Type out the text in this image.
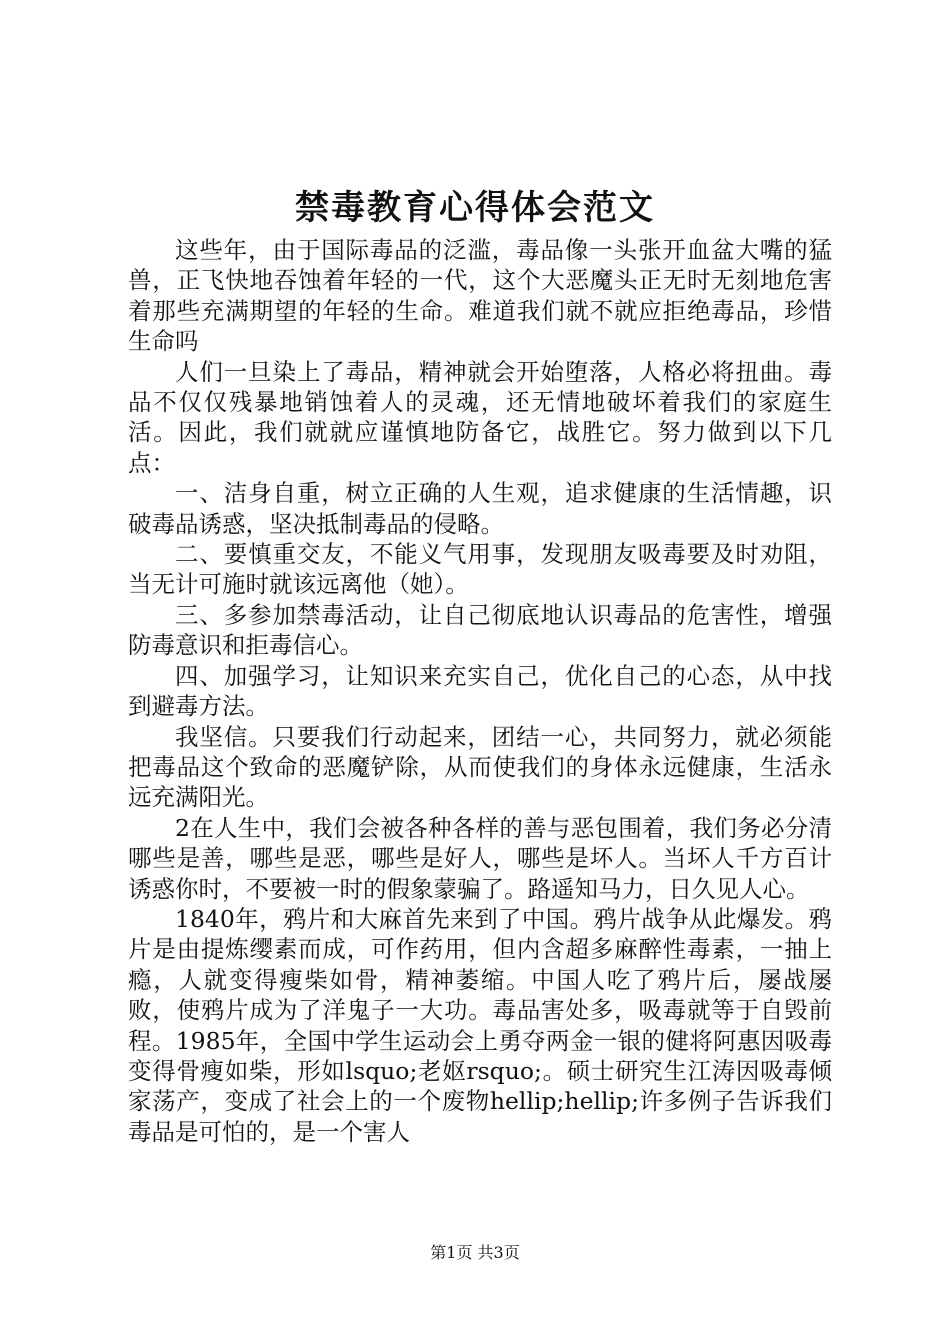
禁毒教育心得体会范文

这些年，由于国际毒品的泛滥，毒品像一头张开血盆大嘴的猛兽，正飞快地吞蚀着年轻的一代，这个大恶魔头正无时无刻地危害着那些充满期望的年轻的生命。难道我们就不就应拒绝毒品，珍惜生命吗

人们一旦染上了毒品，精神就会开始堕落，人格必将扭曲。毒品不仅仅残暴地销蚀着人的灵魂，还无情地破坏着我们的家庭生活。因此，我们就就应谨慎地防备它，战胜它。努力做到以下几点：

一、洁身自重，树立正确的人生观，追求健康的生活情趣，识破毒品诱惑，坚决抵制毒品的侵略。

二、要慎重交友，不能义气用事，发现朋友吸毒要及时劝阻，当无计可施时就该远离他（她）。

三、多参加禁毒活动，让自己彻底地认识毒品的危害性，增强防毒意识和拒毒信心。

四、加强学习，让知识来充实自己，优化自己的心态，从中找到避毒方法。

我坚信。只要我们行动起来，团结一心，共同努力，就必须能把毒品这个致命的恶魔铲除，从而使我们的身体永远健康，生活永远充满阳光。

2在人生中，我们会被各种各样的善与恶包围着，我们务必分清哪些是善，哪些是恶，哪些是好人，哪些是坏人。当坏人千方百计诱惑你时，不要被一时的假象蒙骗了。路遥知马力，日久见人心。

1840年，鸦片和大麻首先来到了中国。鸦片战争从此爆发。鸦片是由提炼缨素而成，可作药用，但内含超多麻醉性毒素，一抽上瘾，人就变得瘦柴如骨，精神萎缩。中国人吃了鸦片后，屡战屡败，使鸦片成为了洋鬼子一大功。毒品害处多，吸毒就等于自毁前程。1985年，全国中学生运动会上勇夺两金一银的健将阿惠因吸毒变得骨瘦如柴，形如lsquo;老妪rsquo;。硕士研究生江涛因吸毒倾家荡产，变成了社会上的一个废物hellip;hellip;许多例子告诉我们毒品是可怕的，是一个害人

第1页 共3页
